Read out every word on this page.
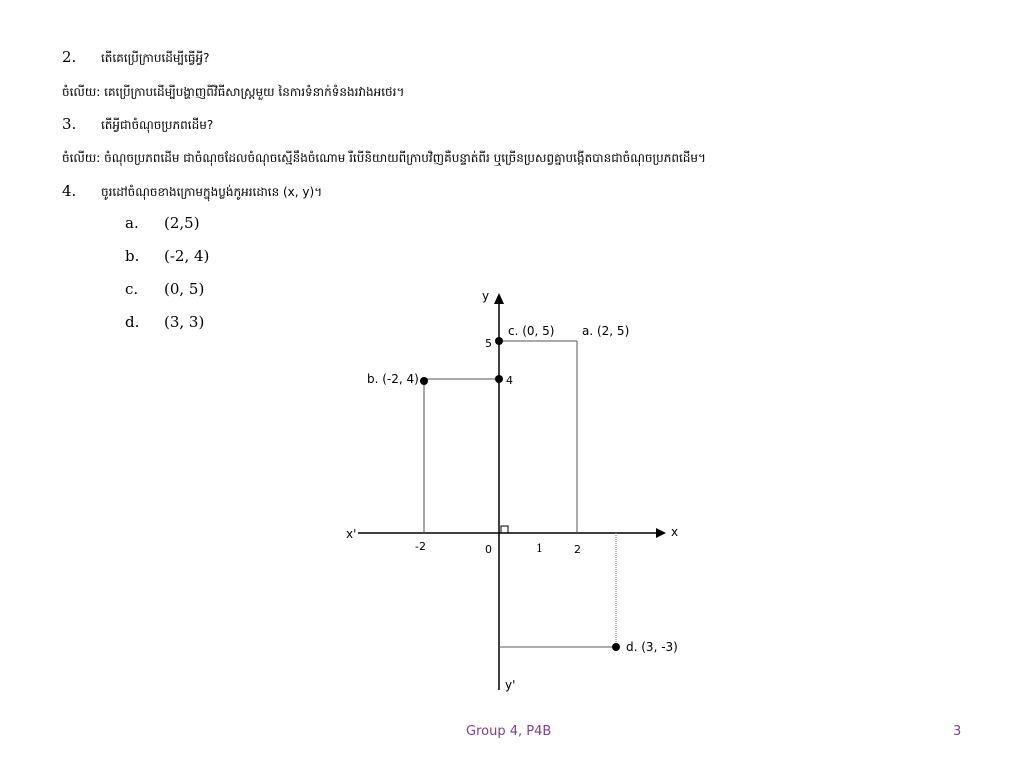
2. តើគេប្រើក្រាបដើម្បីធ្វើអ្វី?
ចំលើយ: គេប្រើក្រាបដើម្បីបង្ហាញពីវិធីសាស្រ្តមួយ នៃការទំនាក់ទំនងរវាងអថេរ។
3. តើអ្វីជាចំណុចប្រភពដើម?
ចំលើយ: ចំណុចប្រភពដើម ជាចំណុចដែលចំណុចស្មើនឹងចំណោម រឺបើនិយាយពីក្រាបវិញគឺបន្ទាត់ពីរ ឬច្រើនប្រសព្វគ្នាបង្កើតបានជាចំណុចប្រភពដើម។
4. ចូរដៅចំណុចខាងក្រោមក្នុងប្លង់កូអរដោនេ (x, y)។
a. (2,5)
b. (-2, 4)
c. (0, 5)
d. (3, 3)
y
y'
x
x'
0	1	2
-2
5
4
a. (2, 5)
b. (-2, 4)
c. (0, 5)
d. (3, -3)
Group 4, P4B	3
